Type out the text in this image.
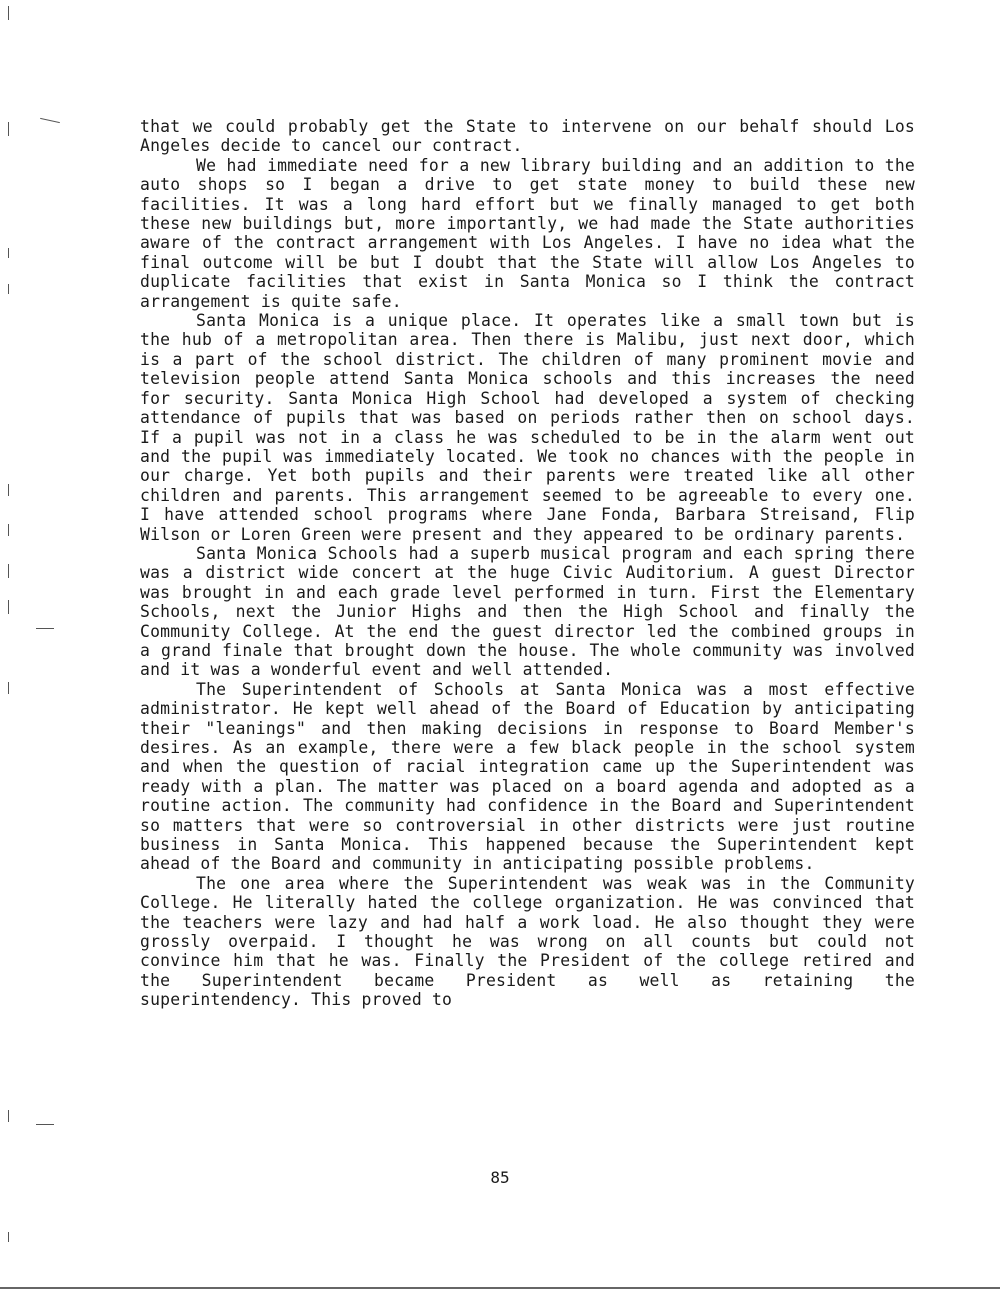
that we could probably get the State to intervene on our behalf should Los Angeles decide to cancel our contract.

We had immediate need for a new library building and an addition to the auto shops so I began a drive to get state money to build these new facilities. It was a long hard effort but we finally managed to get both these new buildings but, more importantly, we had made the State authorities aware of the contract arrangement with Los Angeles. I have no idea what the final outcome will be but I doubt that the State will allow Los Angeles to duplicate facilities that exist in Santa Monica so I think the contract arrangement is quite safe.

Santa Monica is a unique place. It operates like a small town but is the hub of a metropolitan area. Then there is Malibu, just next door, which is a part of the school district. The children of many prominent movie and television people attend Santa Monica schools and this increases the need for security. Santa Monica High School had developed a system of checking attendance of pupils that was based on periods rather then on school days. If a pupil was not in a class he was scheduled to be in the alarm went out and the pupil was immediately located. We took no chances with the people in our charge. Yet both pupils and their parents were treated like all other children and parents. This arrangement seemed to be agreeable to every one. I have attended school programs where Jane Fonda, Barbara Streisand, Flip Wilson or Loren Green were present and they appeared to be ordinary parents.

Santa Monica Schools had a superb musical program and each spring there was a district wide concert at the huge Civic Auditorium. A guest Director was brought in and each grade level performed in turn. First the Elementary Schools, next the Junior Highs and then the High School and finally the Community College. At the end the guest director led the combined groups in a grand finale that brought down the house. The whole community was involved and it was a wonderful event and well attended.

The Superintendent of Schools at Santa Monica was a most effective administrator. He kept well ahead of the Board of Education by anticipating their "leanings" and then making decisions in response to Board Member's desires. As an example, there were a few black people in the school system and when the question of racial integration came up the Superintendent was ready with a plan. The matter was placed on a board agenda and adopted as a routine action. The community had confidence in the Board and Superintendent so matters that were so controversial in other districts were just routine business in Santa Monica. This happened because the Superintendent kept ahead of the Board and community in anticipating possible problems.

The one area where the Superintendent was weak was in the Community College. He literally hated the college organization. He was convinced that the teachers were lazy and had half a work load. He also thought they were grossly overpaid. I thought he was wrong on all counts but could not convince him that he was. Finally the President of the college retired and the Superintendent became President as well as retaining the superintendency. This proved to

85
